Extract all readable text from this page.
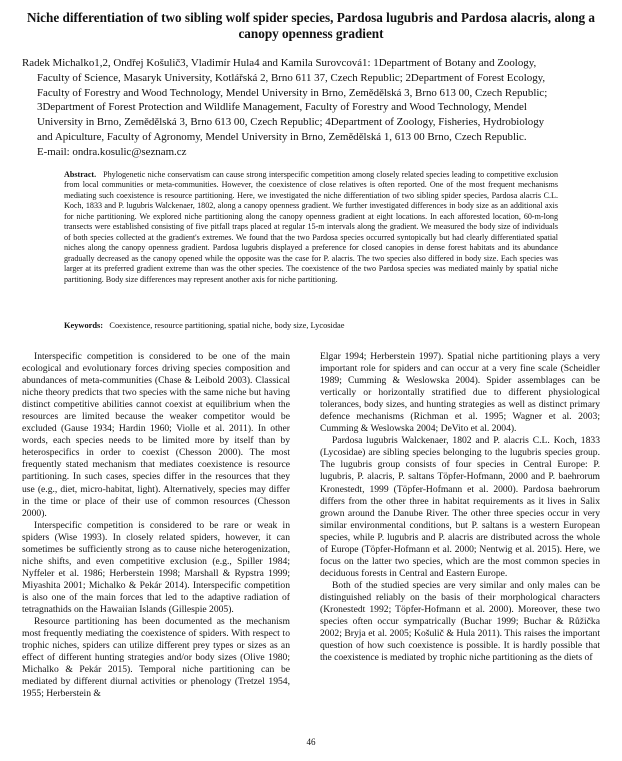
Niche differentiation of two sibling wolf spider species, Pardosa lugubris and Pardosa alacris, along a canopy openness gradient
Radek Michalko1,2, Ondřej Košulič3, Vladimír Hula4 and Kamila Surovcová1: 1Department of Botany and Zoology,
Faculty of Science, Masaryk University, Kotlářská 2, Brno 611 37, Czech Republic; 2Department of Forest Ecology,
Faculty of Forestry and Wood Technology, Mendel University in Brno, Zemědělská 3, Brno 613 00, Czech Republic;
3Department of Forest Protection and Wildlife Management, Faculty of Forestry and Wood Technology, Mendel
University in Brno, Zemědělská 3, Brno 613 00, Czech Republic; 4Department of Zoology, Fisheries, Hydrobiology
and Apiculture, Faculty of Agronomy, Mendel University in Brno, Zemědělská 1, 613 00 Brno, Czech Republic.
E-mail: ondra.kosulic@seznam.cz

Abstract. Phylogenetic niche conservatism can cause strong interspecific competition among closely related species leading to competitive exclusion from local communities or meta-communities. However, the coexistence of close relatives is often reported. One of the most frequent mechanisms mediating such coexistence is resource partitioning. Here, we investigated the niche differentiation of two sibling spider species, Pardosa alacris C.L. Koch, 1833 and P. lugubris Walckenaer, 1802, along a canopy openness gradient. We further investigated differences in body size as an additional axis for niche partitioning. We explored niche partitioning along the canopy openness gradient at eight locations. In each afforested location, 60-m-long transects were established consisting of five pitfall traps placed at regular 15-m intervals along the gradient. We measured the body size of individuals of both species collected at the gradient's extremes. We found that the two Pardosa species occurred syntopically but had clearly differentiated spatial niches along the canopy openness gradient. Pardosa lugubris displayed a preference for closed canopies in dense forest habitats and its abundance gradually decreased as the canopy opened while the opposite was the case for P. alacris. The two species also differed in body size. Each species was larger at its preferred gradient extreme than was the other species. The coexistence of the two Pardosa species was mediated mainly by spatial niche partitioning. Body size differences may represent another axis for niche partitioning.

Keywords: Coexistence, resource partitioning, spatial niche, body size, Lycosidae

Interspecific competition is considered to be one of the main ecological and evolutionary forces driving species composition and abundances of meta-communities (Chase & Leibold 2003). Classical niche theory predicts that two species with the same niche but having distinct competitive abilities cannot coexist at equilibrium when the resources are limited because the weaker competitor would be excluded (Gause 1934; Hardin 1960; Violle et al. 2011). In other words, each species needs to be limited more by itself than by heterospecifics in order to coexist (Chesson 2000). The most frequently stated mechanism that mediates coexistence is resource partitioning. In such cases, species differ in the resources that they use (e.g., diet, micro-habitat, light). Alternatively, species may differ in the time or place of their use of common resources (Chesson 2000).

Interspecific competition is considered to be rare or weak in spiders (Wise 1993). In closely related spiders, however, it can sometimes be sufficiently strong as to cause niche heterogenization, niche shifts, and even competitive exclusion (e.g., Spiller 1984; Nyffeler et al. 1986; Herberstein 1998; Marshall & Rypstra 1999; Miyashita 2001; Michalko & Pekár 2014). Interspecific competition is also one of the main forces that led to the adaptive radiation of tetragnathids on the Hawaiian Islands (Gillespie 2005).

Resource partitioning has been documented as the mechanism most frequently mediating the coexistence of spiders. With respect to trophic niches, spiders can utilize different prey types or sizes as an effect of different hunting strategies and/or body sizes (Olive 1980; Michalko & Pekár 2015). Temporal niche partitioning can be mediated by different diurnal activities or phenology (Tretzel 1954, 1955; Herberstein &

Elgar 1994; Herberstein 1997). Spatial niche partitioning plays a very important role for spiders and can occur at a very fine scale (Scheidler 1989; Cumming & Weslowska 2004). Spider assemblages can be vertically or horizontally stratified due to different physiological tolerances, body sizes, and hunting strategies as well as distinct primary defence mechanisms (Richman et al. 1995; Wagner et al. 2003; Cumming & Weslowska 2004; DeVito et al. 2004).

Pardosa lugubris Walckenaer, 1802 and P. alacris C.L. Koch, 1833 (Lycosidae) are sibling species belonging to the lugubris species group. The lugubris group consists of four species in Central Europe: P. lugubris, P. alacris, P. saltans Töpfer-Hofmann, 2000 and P. baehrorum Kronestedt, 1999 (Töpfer-Hofmann et al. 2000). Pardosa baehrorum differs from the other three in habitat requirements as it lives in Salix grown around the Danube River. The other three species occur in very similar environmental conditions, but P. saltans is a western European species, while P. lugubris and P. alacris are distributed across the whole of Europe (Töpfer-Hofmann et al. 2000; Nentwig et al. 2015). Here, we focus on the latter two species, which are the most common species in deciduous forests in Central and Eastern Europe.

Both of the studied species are very similar and only males can be distinguished reliably on the basis of their morphological characters (Kronestedt 1992; Töpfer-Hofmann et al. 2000). Moreover, these two species often occur sympatrically (Buchar 1999; Buchar & Růžička 2002; Bryja et al. 2005; Košulič & Hula 2011). This raises the important question of how such coexistence is possible. It is hardly possible that the coexistence is mediated by trophic niche partitioning as the diets of

46
